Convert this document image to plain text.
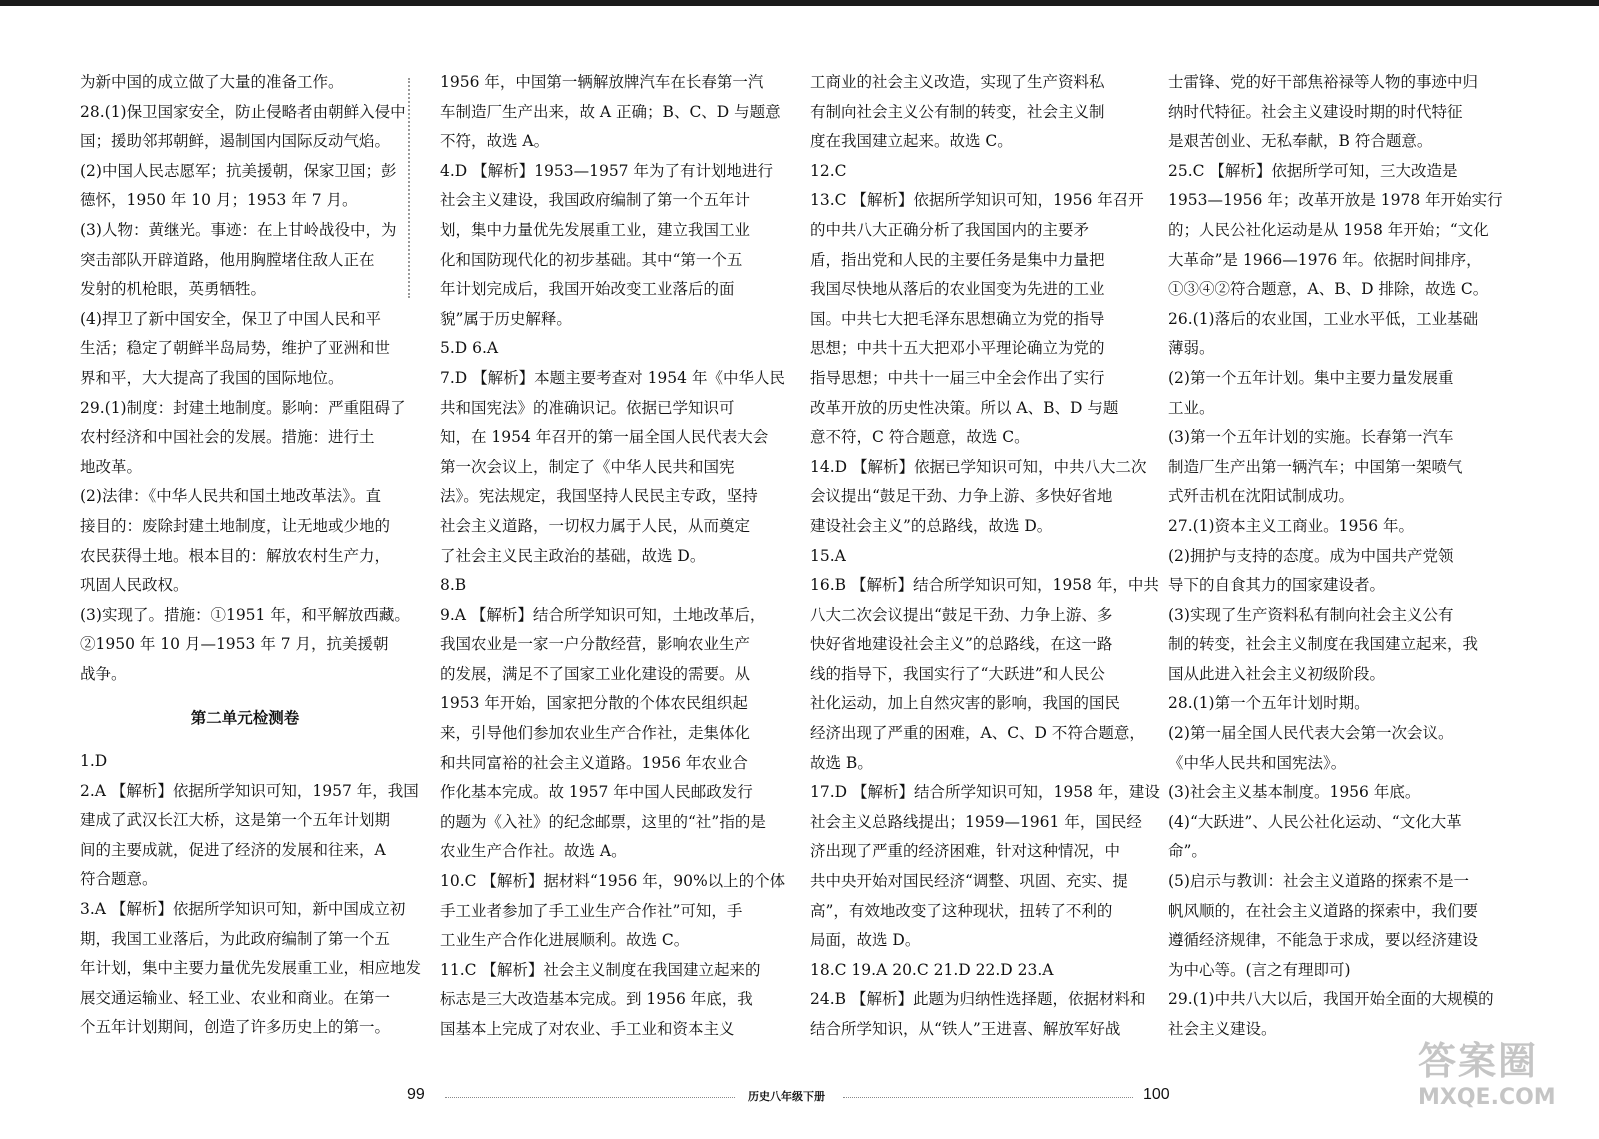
为新中国的成立做了大量的准备工作。

28.(1)保卫国家安全，防止侵略者由朝鲜入侵中

国；援助邻邦朝鲜，遏制国内国际反动气焰。

(2)中国人民志愿军；抗美援朝，保家卫国；彭

德怀，1950 年 10 月；1953 年 7 月。

(3)人物：黄继光。事迹：在上甘岭战役中，为

突击部队开辟道路，他用胸膛堵住敌人正在

发射的机枪眼，英勇牺牲。

(4)捍卫了新中国安全，保卫了中国人民和平

生活；稳定了朝鲜半岛局势，维护了亚洲和世

界和平，大大提高了我国的国际地位。

29.(1)制度：封建土地制度。影响：严重阻碍了

农村经济和中国社会的发展。措施：进行土

地改革。

(2)法律：《中华人民共和国土地改革法》。直

接目的：废除封建土地制度，让无地或少地的

农民获得土地。根本目的：解放农村生产力，

巩固人民政权。

(3)实现了。措施：①1951 年，和平解放西藏。

②1950 年 10 月—1953 年 7 月，抗美援朝

战争。

第二单元检测卷

1.D

2.A 【解析】依据所学知识可知，1957 年，我国

建成了武汉长江大桥，这是第一个五年计划期

间的主要成就，促进了经济的发展和往来，A

符合题意。

3.A 【解析】依据所学知识可知，新中国成立初

期，我国工业落后，为此政府编制了第一个五

年计划，集中主要力量优先发展重工业，相应地发

展交通运输业、轻工业、农业和商业。在第一

个五年计划期间，创造了许多历史上的第一。

1956 年，中国第一辆解放牌汽车在长春第一汽

车制造厂生产出来，故 A 正确；B、C、D 与题意

不符，故选 A。

4.D 【解析】1953—1957 年为了有计划地进行

社会主义建设，我国政府编制了第一个五年计

划，集中力量优先发展重工业，建立我国工业

化和国防现代化的初步基础。其中“第一个五

年计划完成后，我国开始改变工业落后的面

貌”属于历史解释。

5.D 6.A

7.D 【解析】本题主要考查对 1954 年《中华人民

共和国宪法》的准确识记。依据已学知识可

知，在 1954 年召开的第一届全国人民代表大会

第一次会议上，制定了《中华人民共和国宪

法》。宪法规定，我国坚持人民民主专政，坚持

社会主义道路，一切权力属于人民，从而奠定

了社会主义民主政治的基础，故选 D。

8.B

9.A 【解析】结合所学知识可知，土地改革后，

我国农业是一家一户分散经营，影响农业生产

的发展，满足不了国家工业化建设的需要。从

1953 年开始，国家把分散的个体农民组织起

来，引导他们参加农业生产合作社，走集体化

和共同富裕的社会主义道路。1956 年农业合

作化基本完成。故 1957 年中国人民邮政发行

的题为《入社》的纪念邮票，这里的“社”指的是

农业生产合作社。故选 A。

10.C 【解析】据材料“1956 年，90%以上的个体

手工业者参加了手工业生产合作社”可知，手

工业生产合作化进展顺利。故选 C。

11.C 【解析】社会主义制度在我国建立起来的

标志是三大改造基本完成。到 1956 年底，我

国基本上完成了对农业、手工业和资本主义

工商业的社会主义改造，实现了生产资料私

有制向社会主义公有制的转变，社会主义制

度在我国建立起来。故选 C。

12.C

13.C 【解析】依据所学知识可知，1956 年召开

的中共八大正确分析了我国国内的主要矛

盾，指出党和人民的主要任务是集中力量把

我国尽快地从落后的农业国变为先进的工业

国。中共七大把毛泽东思想确立为党的指导

思想；中共十五大把邓小平理论确立为党的

指导思想；中共十一届三中全会作出了实行

改革开放的历史性决策。所以 A、B、D 与题

意不符，C 符合题意，故选 C。

14.D 【解析】依据已学知识可知，中共八大二次

会议提出“鼓足干劲、力争上游、多快好省地

建设社会主义”的总路线，故选 D。

15.A

16.B 【解析】结合所学知识可知，1958 年，中共

八大二次会议提出“鼓足干劲、力争上游、多

快好省地建设社会主义”的总路线，在这一路

线的指导下，我国实行了“大跃进”和人民公

社化运动，加上自然灾害的影响，我国的国民

经济出现了严重的困难，A、C、D 不符合题意，

故选 B。

17.D 【解析】结合所学知识可知，1958 年，建设

社会主义总路线提出；1959—1961 年，国民经

济出现了严重的经济困难，针对这种情况，中

共中央开始对国民经济“调整、巩固、充实、提

高”，有效地改变了这种现状，扭转了不利的

局面，故选 D。

18.C 19.A 20.C 21.D 22.D 23.A

24.B 【解析】此题为归纳性选择题，依据材料和

结合所学知识，从“铁人”王进喜、解放军好战

士雷锋、党的好干部焦裕禄等人物的事迹中归

纳时代特征。社会主义建设时期的时代特征

是艰苦创业、无私奉献，B 符合题意。

25.C 【解析】依据所学可知，三大改造是

1953—1956 年；改革开放是 1978 年开始实行

的；人民公社化运动是从 1958 年开始；“文化

大革命”是 1966—1976 年。依据时间排序，

①③④②符合题意，A、B、D 排除，故选 C。

26.(1)落后的农业国，工业水平低，工业基础

薄弱。

(2)第一个五年计划。集中主要力量发展重

工业。

(3)第一个五年计划的实施。长春第一汽车

制造厂生产出第一辆汽车；中国第一架喷气

式歼击机在沈阳试制成功。

27.(1)资本主义工商业。1956 年。

(2)拥护与支持的态度。成为中国共产党领

导下的自食其力的国家建设者。

(3)实现了生产资料私有制向社会主义公有

制的转变，社会主义制度在我国建立起来，我

国从此进入社会主义初级阶段。

28.(1)第一个五年计划时期。

(2)第一届全国人民代表大会第一次会议。

《中华人民共和国宪法》。

(3)社会主义基本制度。1956 年底。

(4)“大跃进”、人民公社化运动、“文化大革

命”。

(5)启示与教训：社会主义道路的探索不是一

帆风顺的，在社会主义道路的探索中，我们要

遵循经济规律，不能急于求成，要以经济建设

为中心等。(言之有理即可)

29.(1)中共八大以后，我国开始全面的大规模的

社会主义建设。

99	历史八年级下册	100
答案圈
MXQE.COM
